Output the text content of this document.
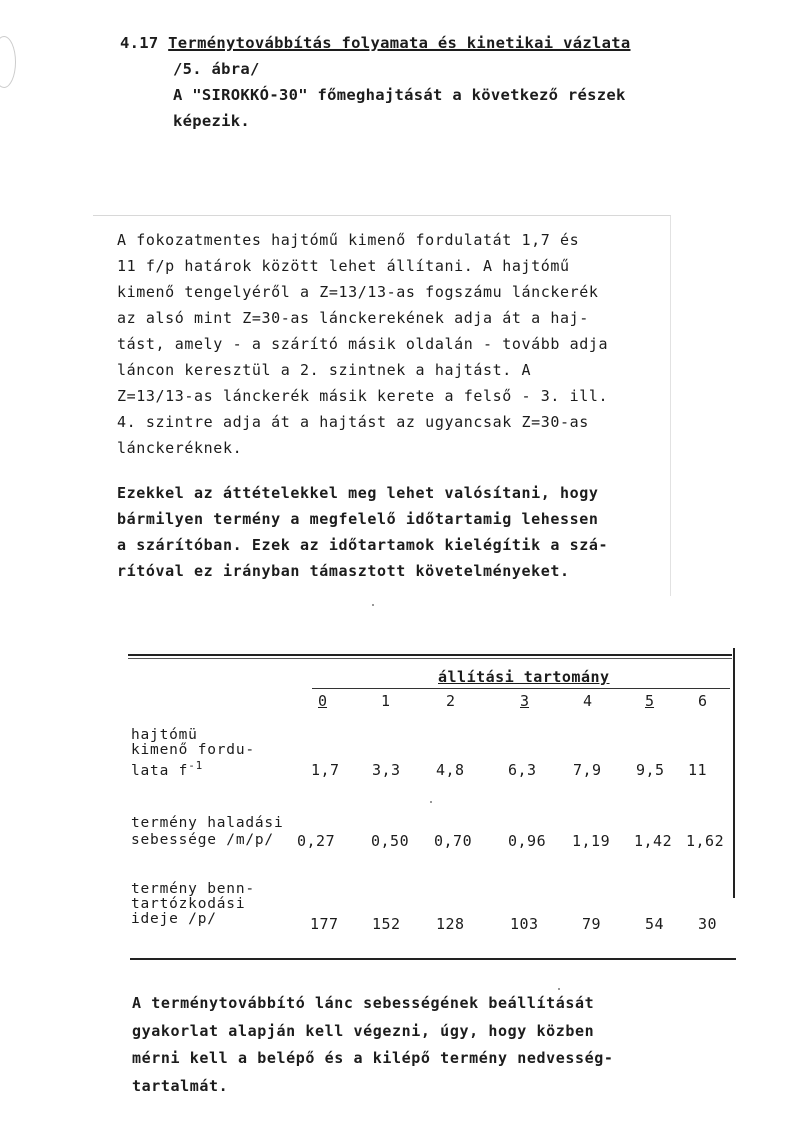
4.17 Terménytovábbítás folyamata és kinetikai vázlata
/5. ábra/
A "SIROKKÓ-30" főmeghajtását a következő részek
képezik.
A fokozatmentes hajtómű kimenő fordulatát 1,7 és
11 f/p határok között lehet állítani. A hajtómű
kimenő tengelyéről a Z=13/13-as fogszámu lánckerék
az alsó mint Z=30-as lánckerekének adja át a haj-
tást, amely - a szárító másik oldalán - tovább adja
láncon keresztül a 2. szintnek a hajtást. A
Z=13/13-as lánckerék másik kerete a felső - 3. ill.
4. szintre adja át a hajtást az ugyancsak Z=30-as
lánckeréknek.
Ezekkel az áttételekkel meg lehet valósítani, hogy
bármilyen termény a megfelelő időtartamig lehessen
a szárítóban. Ezek az időtartamok kielégítik a szá-
rítóval ez irányban támasztott követelményeket.
állítási tartomány
0	1	2	3	4	5	6
hajtómü
kimenő fordu-
lata $f^{-1}$	1,7 3,3 4,8	6,3 7,9 9,5 11
termény haladási
sebessége /m/p/	0,27 0,50 0,70 0,96 1,19 1,42 1,62
termény benn-
tartózkodási
ideje /p/	177 152 128	103	79	54 30
A terménytovábbító lánc sebességének beállítását
gyakorlat alapján kell végezni, úgy, hogy közben
mérni kell a belépő és a kilépő termény nedvesség-
tartalmát.
